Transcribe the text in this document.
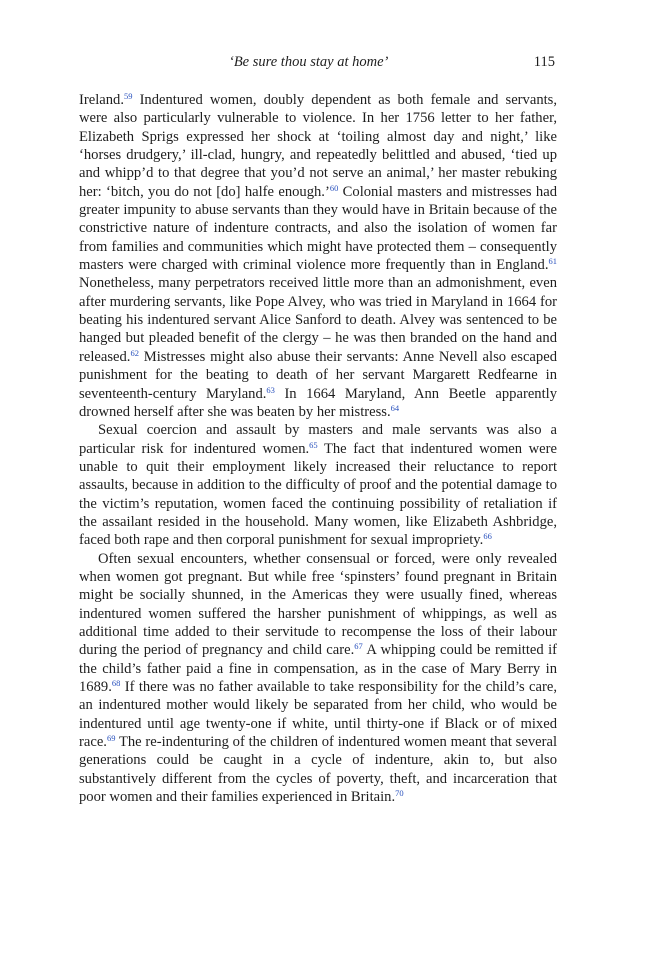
‘Be sure thou stay at home’	115

Ireland.$^{59}$ Indentured women, doubly dependent as both female and servants, were also particularly vulnerable to violence. In her 1756 letter to her father, Elizabeth Sprigs expressed her shock at ‘toiling almost day and night,’ like ‘horses drudgery,’ ill-clad, hungry, and repeatedly belittled and abused, ‘tied up and whipp’d to that degree that you’d not serve an animal,’ her master rebuking her: ‘bitch, you do not [do] halfe enough.’$^{60}$ Colonial masters and mistresses had greater impunity to abuse servants than they would have in Britain because of the constrictive nature of indenture contracts, and also the isolation of women far from families and communities which might have protected them – consequently masters were charged with criminal violence more frequently than in England.$^{61}$ Nonetheless, many perpetrators received little more than an admonishment, even after murdering servants, like Pope Alvey, who was tried in Maryland in 1664 for beating his indentured servant Alice Sanford to death. Alvey was sentenced to be hanged but pleaded benefit of the clergy – he was then branded on the hand and released.$^{62}$ Mistresses might also abuse their servants: Anne Nevell also escaped punishment for the beating to death of her servant Margarett Redfearne in seventeenth-century Maryland.$^{63}$ In 1664 Maryland, Ann Beetle apparently drowned herself after she was beaten by her mistress.$^{64}$

Sexual coercion and assault by masters and male servants was also a particular risk for indentured women.$^{65}$ The fact that indentured women were unable to quit their employment likely increased their reluctance to report assaults, because in addition to the difficulty of proof and the potential damage to the victim’s reputation, women faced the continuing possibility of retaliation if the assailant resided in the household. Many women, like Elizabeth Ashbridge, faced both rape and then corporal punishment for sexual impropriety.$^{66}$

Often sexual encounters, whether consensual or forced, were only revealed when women got pregnant. But while free ‘spinsters’ found pregnant in Britain might be socially shunned, in the Americas they were usually fined, whereas indentured women suffered the harsher punishment of whippings, as well as additional time added to their servitude to recompense the loss of their labour during the period of pregnancy and child care.$^{67}$ A whipping could be remitted if the child’s father paid a fine in compensation, as in the case of Mary Berry in 1689.68 If there was no father available to take responsibility for the child’s care, an indentured mother would likely be separated from her child, who would be indentured until age twenty-one if white, until thirty-one if Black or of mixed race.$^{69}$ The re-indenturing of the children of indentured women meant that several generations could be caught in a cycle of indenture, akin to, but also substantively different from the cycles of poverty, theft, and incarceration that poor women and their families experienced in Britain.$^{70}$
